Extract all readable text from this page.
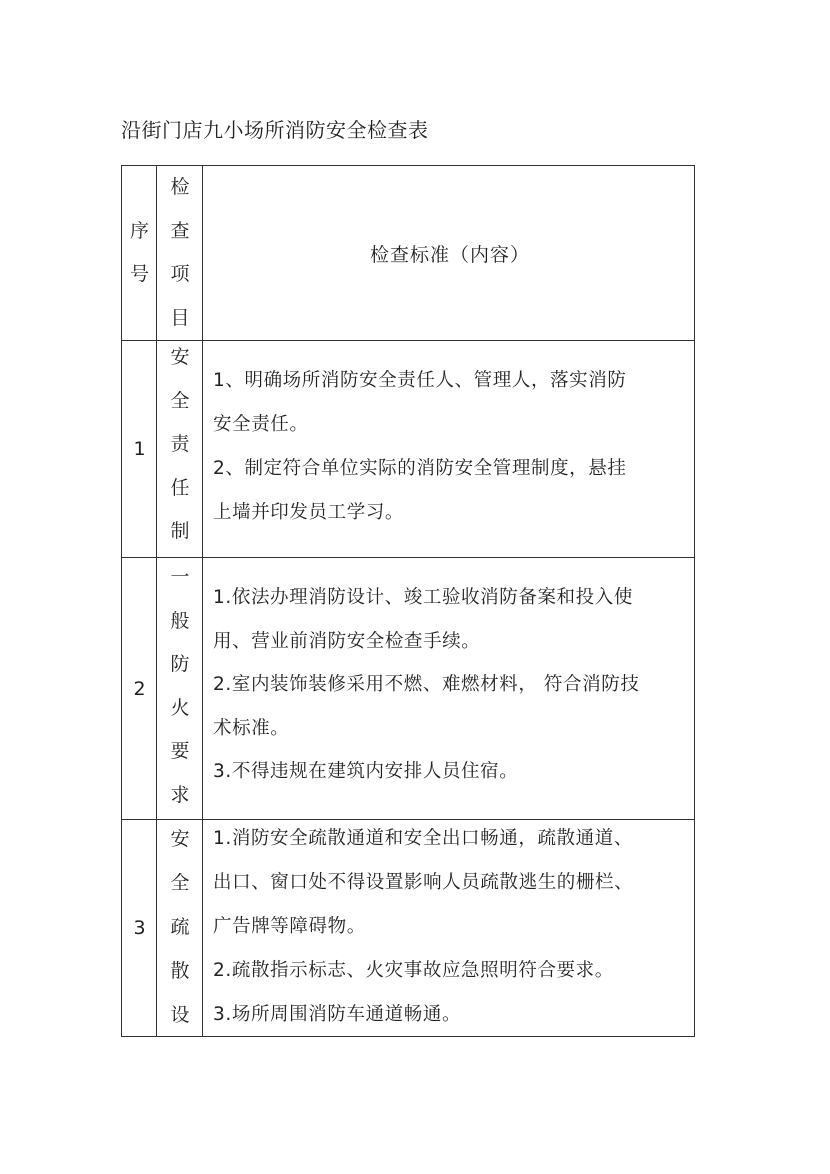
沿街门店九小场所消防安全检查表
​
序
号
检
查
项
目
检查标准（内容）
1
安
全
责
任
制
1、明确场所消防安全责任人、管理人，落实消防
安全责任。
2、制定符合单位实际的消防安全管理制度，悬挂
上墙并印发员工学习。
2
一
般
防
火
要
求
1.依法办理消防设计、竣工验收消防备案和投入使
用、营业前消防安全检查手续。
2.室内装饰装修采用不燃、难燃材料， 符合消防技
术标准。
3.不得违规在建筑内安排人员住宿。
3
安
全
疏
散
设
1.消防安全疏散通道和安全出口畅通，疏散通道、
出口、窗口处不得设置影响人员疏散逃生的栅栏、
广告牌等障碍物。
2.疏散指示标志、火灾事故应急照明符合要求。
3.场所周围消防车通道畅通。
